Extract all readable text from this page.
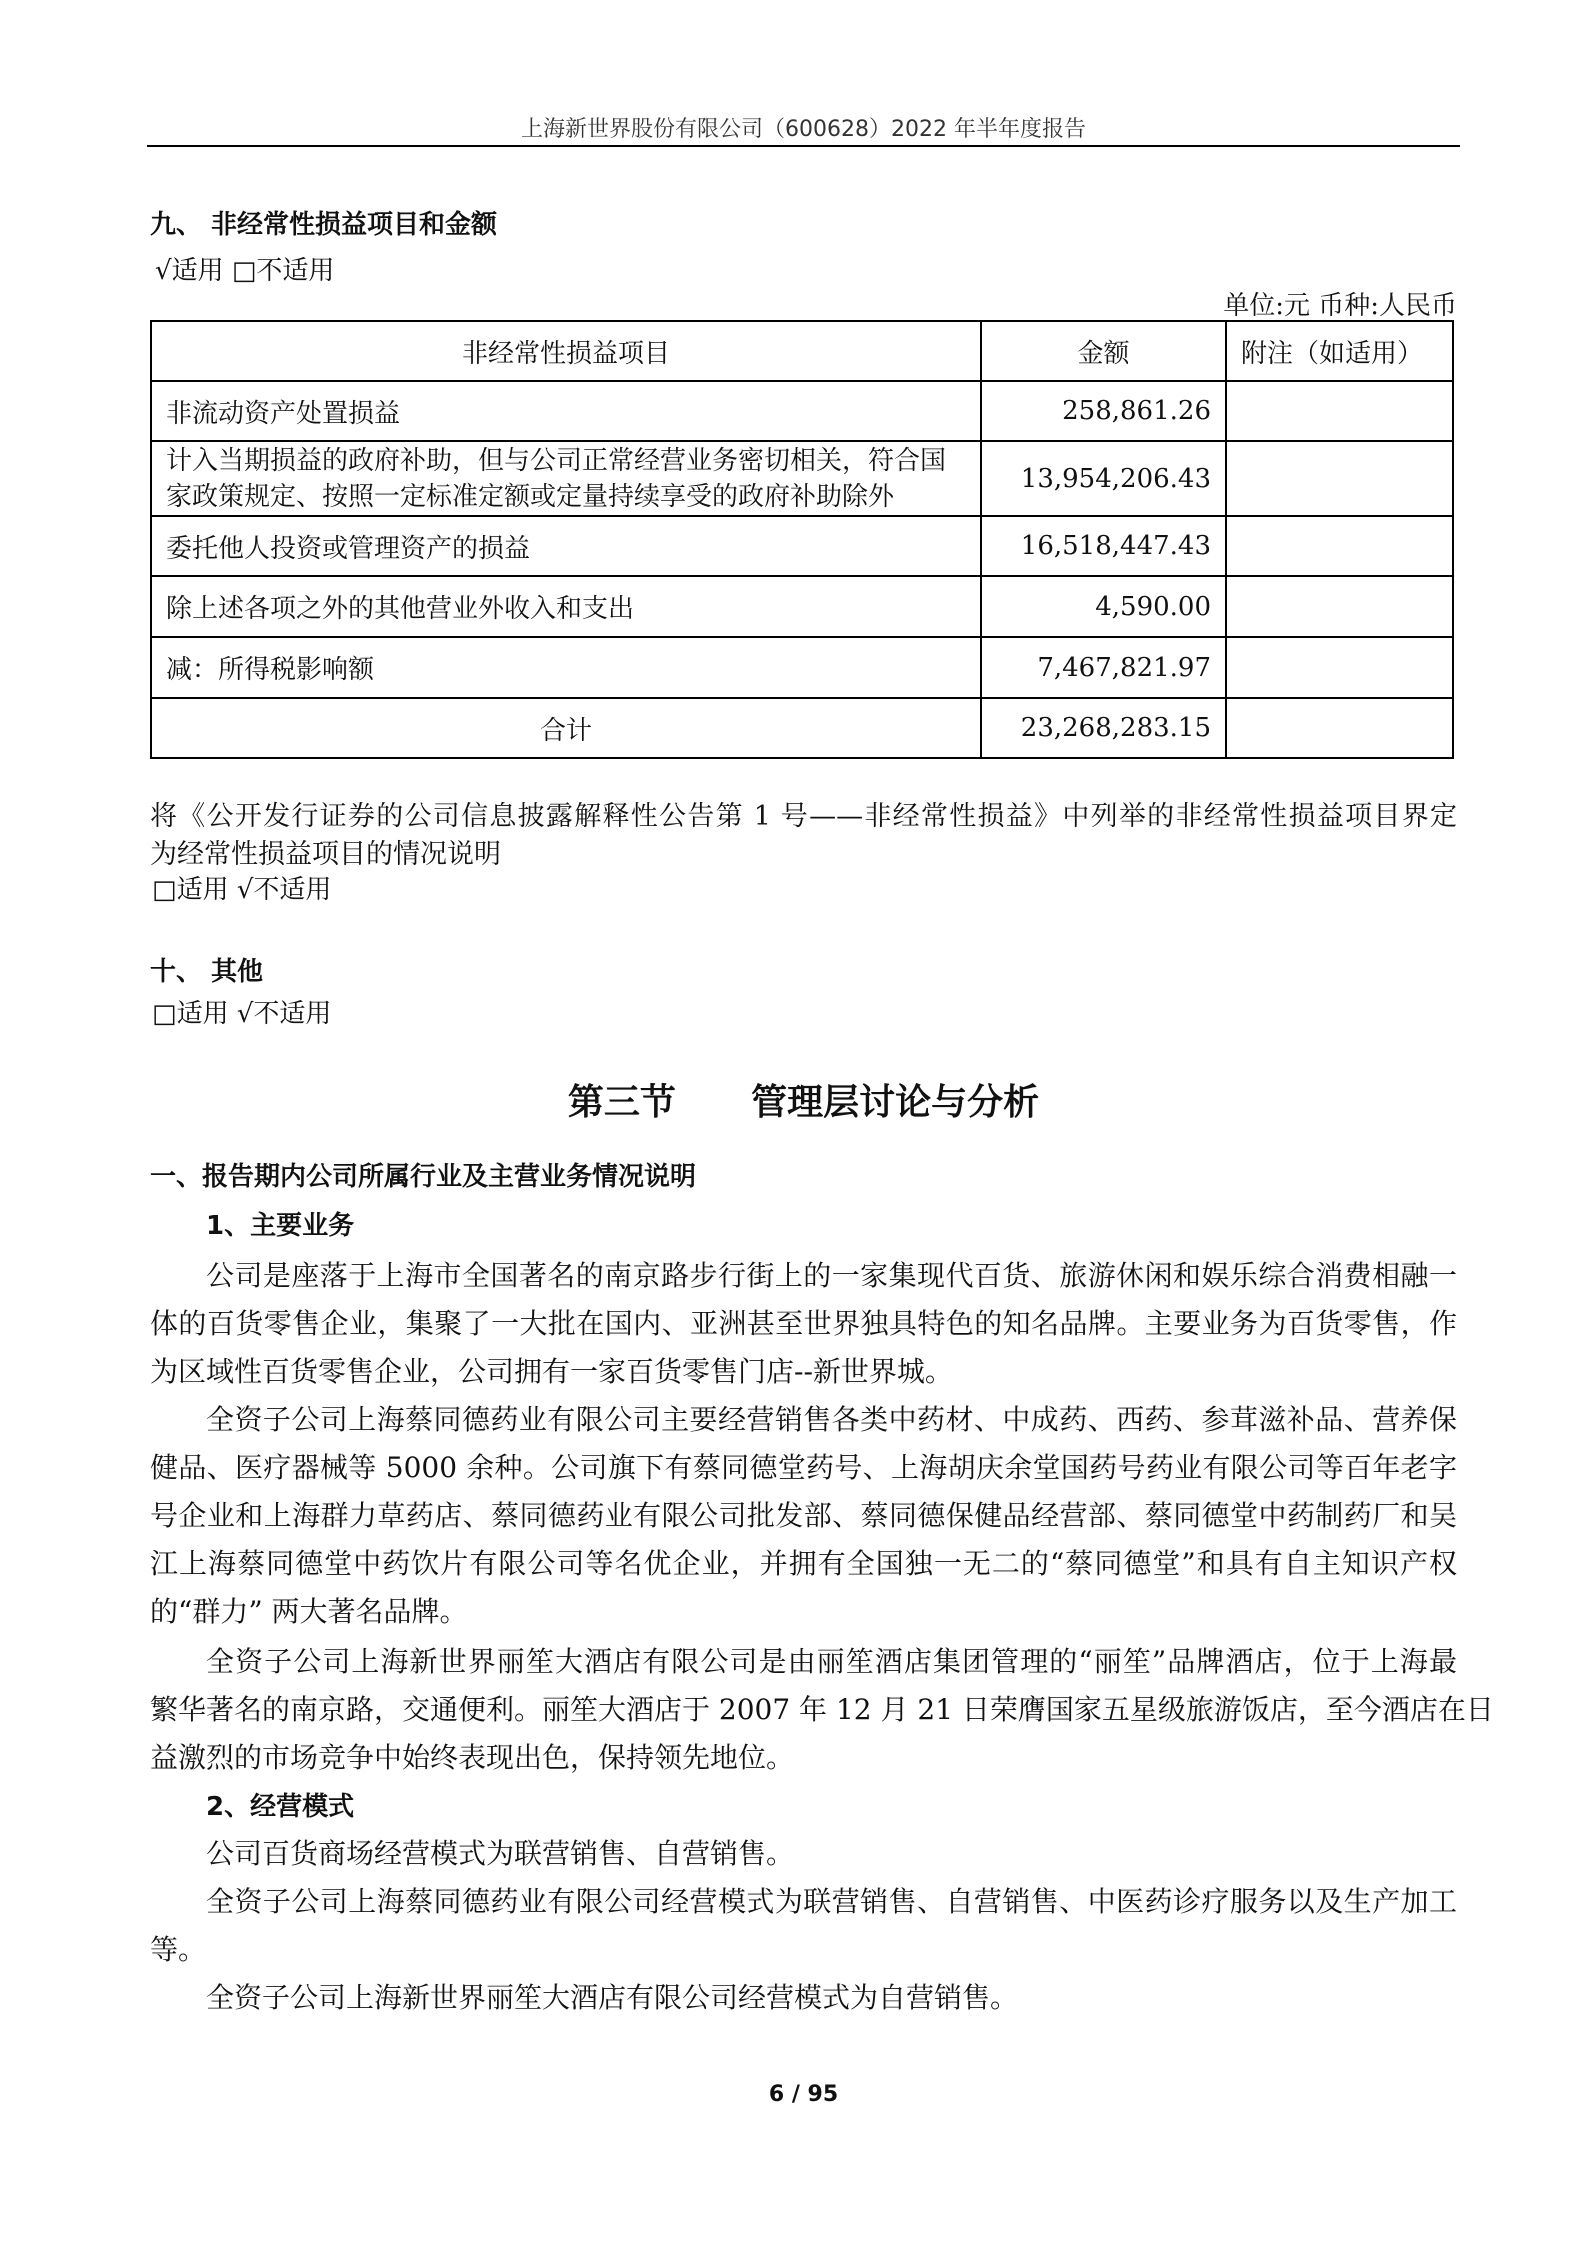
上海新世界股份有限公司（600628）2022 年半年度报告
九、 非经常性损益项目和金额
√适用 □不适用
单位:元 币种:人民币
非经常性损益项目	金额	附注（如适用）
非流动资产处置损益	258,861.26	
计入当期损益的政府补助，但与公司正常经营业务密切相关，符合国家政策规定、按照一定标准定额或定量持续享受的政府补助除外	13,954,206.43	
委托他人投资或管理资产的损益	16,518,447.43	
除上述各项之外的其他营业外收入和支出	4,590.00	
减：所得税影响额	7,467,821.97	
合计	23,268,283.15	
将《公开发行证券的公司信息披露解释性公告第 1 号——非经常性损益》中列举的非经常性损益项目界定
为经常性损益项目的情况说明
□适用 √不适用
十、 其他
□适用 √不适用
第三节      管理层讨论与分析
一、报告期内公司所属行业及主营业务情况说明
1、主要业务
公司是座落于上海市全国著名的南京路步行街上的一家集现代百货、旅游休闲和娱乐综合消费相融一
体的百货零售企业，集聚了一大批在国内、亚洲甚至世界独具特色的知名品牌。主要业务为百货零售，作
为区域性百货零售企业，公司拥有一家百货零售门店--新世界城。
全资子公司上海蔡同德药业有限公司主要经营销售各类中药材、中成药、西药、参茸滋补品、营养保
健品、医疗器械等 5000 余种。公司旗下有蔡同德堂药号、上海胡庆余堂国药号药业有限公司等百年老字
号企业和上海群力草药店、蔡同德药业有限公司批发部、蔡同德保健品经营部、蔡同德堂中药制药厂和吴
江上海蔡同德堂中药饮片有限公司等名优企业，并拥有全国独一无二的“蔡同德堂”和具有自主知识产权
的“群力” 两大著名品牌。
全资子公司上海新世界丽笙大酒店有限公司是由丽笙酒店集团管理的“丽笙”品牌酒店，位于上海最
繁华著名的南京路，交通便利。丽笙大酒店于 2007 年 12 月 21 日荣膺国家五星级旅游饭店，至今酒店在日
益激烈的市场竞争中始终表现出色，保持领先地位。
公司百货商场经营模式为联营销售、自营销售。
全资子公司上海蔡同德药业有限公司经营模式为联营销售、自营销售、中医药诊疗服务以及生产加工
等。
全资子公司上海新世界丽笙大酒店有限公司经营模式为自营销售。
2、经营模式
6 / 95
